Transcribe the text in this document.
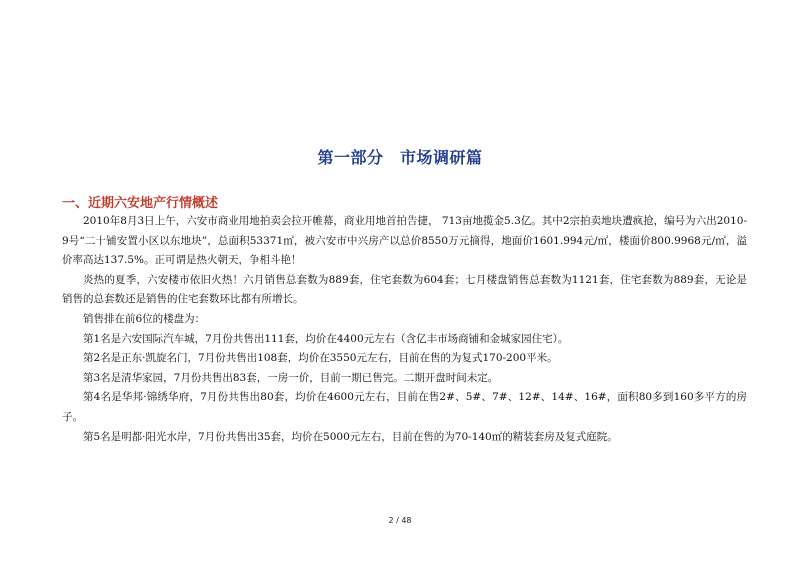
第一部分　市场调研篇
一、近期六安地产行情概述

2010年8月3日上午，六安市商业用地拍卖会拉开帷幕，商业用地首拍告捷， 713亩地揽金5.3亿。其中2宗拍卖地块遭疯抢，编号为六出2010-9号“二十铺安置小区以东地块”，总面积53371㎡，被六安市中兴房产以总价8550万元摘得，地面价1601.994元/㎡，楼面价800.9968元/㎡，溢价率高达137.5%。正可谓是热火朝天，争相斗艳！

炎热的夏季，六安楼市依旧火热！六月销售总套数为889套，住宅套数为604套；七月楼盘销售总套数为1121套，住宅套数为889套，无论是销售的总套数还是销售的住宅套数环比都有所增长。

销售排在前6位的楼盘为：

第1名是六安国际汽车城，7月份共售出111套，均价在4400元左右（含亿丰市场商铺和金城家园住宅）。

第2名是正东·凯旋名门，7月份共售出108套，均价在3550元左右，目前在售的为复式170-200平米。

第3名是清华家园，7月份共售出83套，一房一价，目前一期已售完。二期开盘时间未定。

第4名是华邦·锦绣华府，7月份共售出80套，均价在4600元左右，目前在售2#、5#、7#、12#、14#、16#，面积80多到160多平方的房子。

第5名是明都·阳光水岸，7月份共售出35套，均价在5000元左右，目前在售的为70-140㎡的精装套房及复式庭院。

2 / 48
